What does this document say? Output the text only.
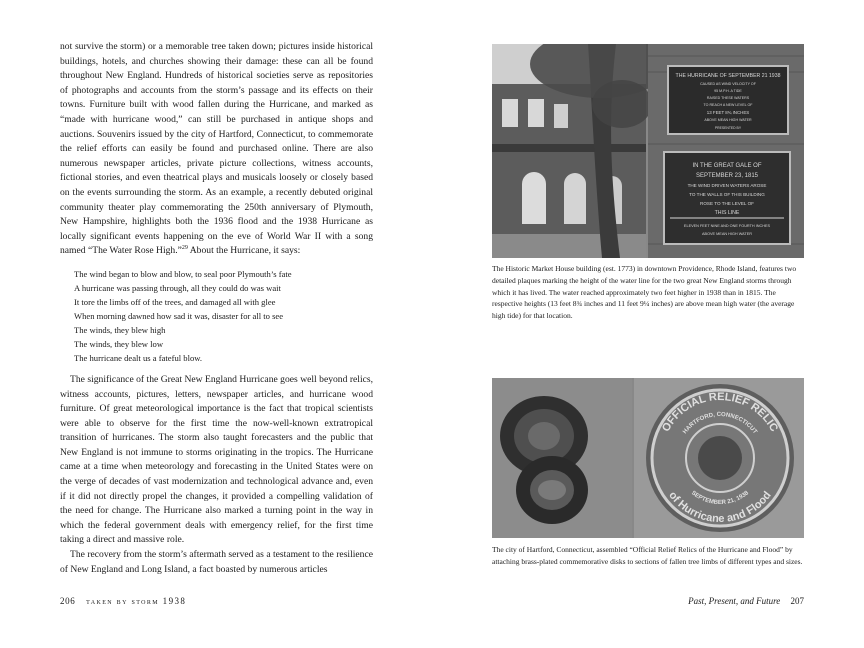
not survive the storm) or a memorable tree taken down; pictures inside historical buildings, hotels, and churches showing their damage: these can all be found throughout New England. Hundreds of historical societies serve as repositories of photographs and accounts from the storm’s passage and its effects on their towns. Furniture built with wood fallen during the Hurricane, and marked as “made with hurricane wood,” can still be purchased in antique shops and auctions. Souvenirs issued by the city of Hartford, Connecticut, to commemorate the relief efforts can easily be found and purchased online. There are also numerous newspaper articles, private picture collections, witness accounts, fictional stories, and even theatrical plays and musicals loosely or closely based on the events surrounding the storm. As an example, a recently debuted original community theater play commemorating the 250th anniversary of Plymouth, New Hampshire, highlights both the 1936 flood and the 1938 Hurricane as locally significant events happening on the eve of World War II with a song named “The Water Rose High.”$^{29}$ About the Hurricane, it says:

The wind began to blow and blow, to seal poor Plymouth’s fate
A hurricane was passing through, all they could do was wait
It tore the limbs off of the trees, and damaged all with glee
When morning dawned how sad it was, disaster for all to see
The winds, they blew high
The winds, they blew low
The hurricane dealt us a fateful blow.

The significance of the Great New England Hurricane goes well beyond relics, witness accounts, pictures, letters, newspaper articles, and hurricane wood furniture. Of great meteorological importance is the fact that tropical scientists were able to observe for the first time the now-well-known extratropical transition of hurricanes. The storm also taught forecasters and the public that New England is not immune to storms originating in the tropics. The Hurricane came at a time when meteorology and forecasting in the United States were on the verge of decades of vast modernization and technological advance and, even if it did not directly propel the changes, it provided a compelling validation of the need for change. The Hurricane also marked a turning point in the way in which the federal government deals with emergency relief, for the first time taking a direct and massive role.

The recovery from the storm’s aftermath served as a testament to the resilience of New England and Long Island, a fact boasted by numerous articles

206 taken by storm 1938
THE HURRICANE OF SEPTEMBER 21 1938
CAUSED AS WIND VELOCITY OF
95 M.P.H. A TIDE
RAISED THESE WATERS
TO REACH A NEW LEVEL OF
13 FEET 8¾ INCHES
ABOVE MEAN HIGH WATER
PRESENTED BY
IN THE GREAT GALE OF
SEPTEMBER 23, 1815
THE WIND DRIVEN WATERS AROSE
TO THE WALLS OF THIS BUILDING
ROSE TO THE LEVEL OF
THIS LINE
ELEVEN FEET NINE AND ONE FOURTH INCHES
ABOVE MEAN HIGH WATER
The Historic Market House building (est. 1773) in downtown Providence, Rhode Island, features two detailed plaques marking the height of the water line for the two great New England storms through which it has lived. The water reached approximately two feet higher in 1938 than in 1815. The respective heights (13 feet 8¾ inches and 11 feet 9¼ inches) are above mean high water (the average high tide) for that location.
OFFICIAL RELIEF RELIC
HARTFORD, CONNECTICUT
of Hurricane and Flood
SEPTEMBER 21, 1938
The city of Hartford, Connecticut, assembled “Official Relief Relics of the Hurricane and Flood” by attaching brass-plated commemorative disks to sections of fallen tree limbs of different types and sizes.
Past, Present, and Future 207
